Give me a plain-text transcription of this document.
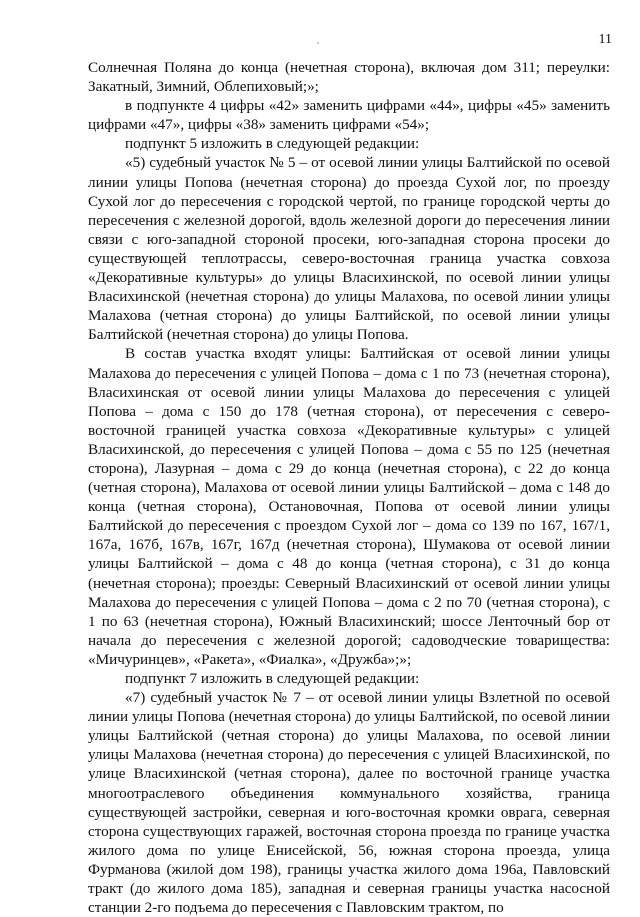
11

Солнечная Поляна до конца (нечетная сторона), включая дом 311; переулки: Закатный, Зимний, Облепиховый;»;

в подпункте 4 цифры «42» заменить цифрами «44», цифры «45» заменить цифрами «47», цифры «38» заменить цифрами «54»;

подпункт 5 изложить в следующей редакции:

«5) судебный участок № 5 – от осевой линии улицы Балтийской по осевой линии улицы Попова (нечетная сторона) до проезда Сухой лог, по проезду Сухой лог до пересечения с городской чертой, по границе городской черты до пересечения с железной дорогой, вдоль железной дороги до пересечения линии связи с юго-западной стороной просеки, юго-западная сторона просеки до существующей теплотрассы, северо-восточная граница участка совхоза «Декоративные культуры» до улицы Власихинской, по осевой линии улицы Власихинской (нечетная сторона) до улицы Малахова, по осевой линии улицы Малахова (четная сторона) до улицы Балтийской, по осевой линии улицы Балтийской (нечетная сторона) до улицы Попова.

В состав участка входят улицы: Балтийская от осевой линии улицы Малахова до пересечения с улицей Попова – дома с 1 по 73 (нечетная сторона), Власихинская от осевой линии улицы Малахова до пересечения с улицей Попова – дома с 150 до 178 (четная сторона), от пересечения с северо-восточной границей участка совхоза «Декоративные культуры» с улицей Власихинской, до пересечения с улицей Попова – дома с 55 по 125 (нечетная сторона), Лазурная – дома с 29 до конца (нечетная сторона), с 22 до конца (четная сторона), Малахова от осевой линии улицы Балтийской – дома с 148 до конца (четная сторона), Остановочная, Попова от осевой линии улицы Балтийской до пересечения с проездом Сухой лог – дома со 139 по 167, 167/1, 167а, 167б, 167в, 167г, 167д (нечетная сторона), Шумакова от осевой линии улицы Балтийской – дома с 48 до конца (четная сторона), с 31 до конца (нечетная сторона); проезды: Северный Власихинский от осевой линии улицы Малахова до пересечения с улицей Попова – дома с 2 по 70 (четная сторона), с 1 по 63 (нечетная сторона), Южный Власихинский; шоссе Ленточный бор от начала до пересечения с железной дорогой; садоводческие товарищества: «Мичуринцев», «Ракета», «Фиалка», «Дружба»;»;

подпункт 7 изложить в следующей редакции:

«7) судебный участок № 7 – от осевой линии улицы Взлетной по осевой линии улицы Попова (нечетная сторона) до улицы Балтийской, по осевой линии улицы Балтийской (четная сторона) до улицы Малахова, по осевой линии улицы Малахова (нечетная сторона) до пересечения с улицей Власихинской, по улице Власихинской (четная сторона), далее по восточной границе участка многоотраслевого объединения коммунального хозяйства, граница существующей застройки, северная и юго-восточная кромки оврага, северная сторона существующих гаражей, восточная сторона проезда по границе участка жилого дома по улице Енисейской, 56, южная сторона проезда, улица Фурманова (жилой дом 198), границы участка жилого дома 196а, Павловский тракт (до жилого дома 185), западная и северная границы участка насосной станции 2-го подъема до пересечения с Павловским трактом, по
